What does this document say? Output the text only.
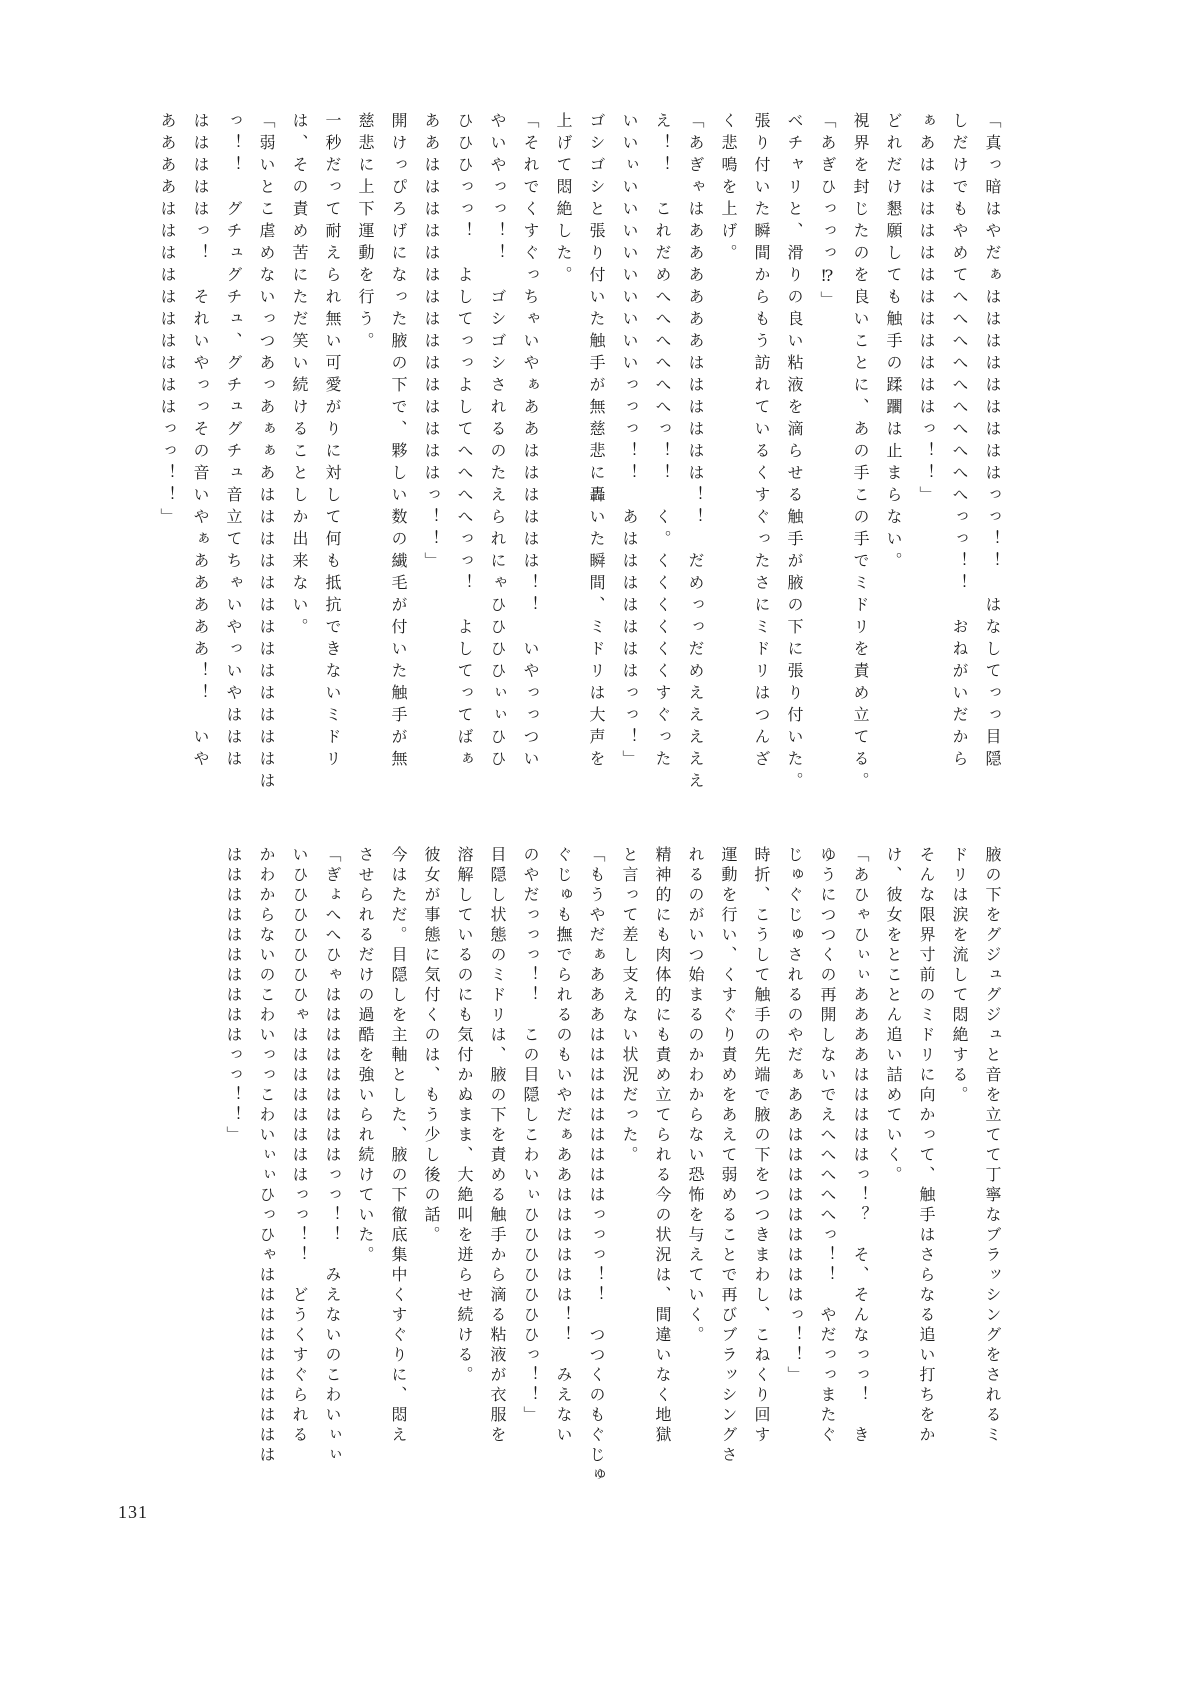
「真っ暗はやだぁはははははははははっっ！！　はなしてっっ目隠

しだけでもやめてへへへへへへへへへへっっ！！　おねがいだから

ぁあははははははははははははっ！！」

どれだけ懇願しても触手の蹂躙は止まらない。

視界を封じたのを良いことに、あの手この手でミドリを責め立てる。

「あぎひっっっ⁉」

ベチャリと、滑りの良い粘液を滴らせる触手が腋の下に張り付いた。

張り付いた瞬間からもう訪れているくすぐったさにミドリはつんざ

く悲鳴を上げ。

「あぎゃはああああああはははははは！！　だめっっだめえええええ

え！！　これだめへへへへへへっ！！　く。くくくくくくすぐった

いいぃいいいいいいいいいっっっ！！　あはははははははっっ！」

ゴシゴシと張り付いた触手が無慈悲に轟いた瞬間、ミドリは大声を

上げて悶絶した。

「それでくすぐっちゃいやぁああはははははは！！　いやっっつい

やいやっっ！！　ゴシゴシされるのたえられにゃひひひひぃぃひひ

ひひひっっ！　よしてっっよしてへへへへっっ！　よしてってばぁ

ああはははははははははははははははっ！！」

開けっぴろげになった腋の下で、夥しい数の繊毛が付いた触手が無

慈悲に上下運動を行う。

一秒だって耐えられ無い可愛がりに対して何も抵抗できないミドリ

は、その責め苦にただ笑い続けることしか出来ない。

「弱いとこ虐めないっつあっあぁぁあはははははははははははははは

っ！！　グチュグチュ、グチュグチュ音立てちゃいやっいやははは

はははははっ！　それいやっっその音いやぁあああああ！！　いや

ああああははははははははははっっ！！」

腋の下をグジュグジュと音を立てて丁寧なブラッシングをされるミ

ドリは涙を流して悶絶する。

そんな限界寸前のミドリに向かって、触手はさらなる追い打ちをか

け、彼女をとことん追い詰めていく。

「あひゃひぃぃああああはははははっ！？　そ、そんなっっ！　き

ゆうにつつくの再開しないでえへへへへへっ！！　やだっっまたぐ

じゅぐじゅされるのやだぁああはははははははははっ！！」

時折、こうして触手の先端で腋の下をつつきまわし、こねくり回す

運動を行い、くすぐり責めをあえて弱めることで再びブラッシングさ

れるのがいつ始まるのかわからない恐怖を与えていく。

精神的にも肉体的にも責め立てられる今の状況は、間違いなく地獄

と言って差し支えない状況だった。

「もうやだぁあああはははははははははっっっ！！　つつくのもぐじゅ

ぐじゅも撫でられるのもいやだぁああはははははは！！　みえない

のやだっっっ！！　この目隠しこわいぃひひひひひひひっ！！」

目隠し状態のミドリは、腋の下を責める触手から滴る粘液が衣服を

溶解しているのにも気付かぬまま、大絶叫を迸らせ続ける。

彼女が事態に気付くのは、もう少し後の話。

今はただ。目隠しを主軸とした、腋の下徹底集中くすぐりに、悶え

させられるだけの過酷を強いられ続けていた。

「ぎょへへひゃはははははははははっっ！！　みえないのこわいぃぃ

いひひひひひひひゃははははははははっっ！！　どうくすぐられる

かわからないのこわいっっこわいぃぃひっひゃはははははははははは

ははははははははははっっ！！」

131
